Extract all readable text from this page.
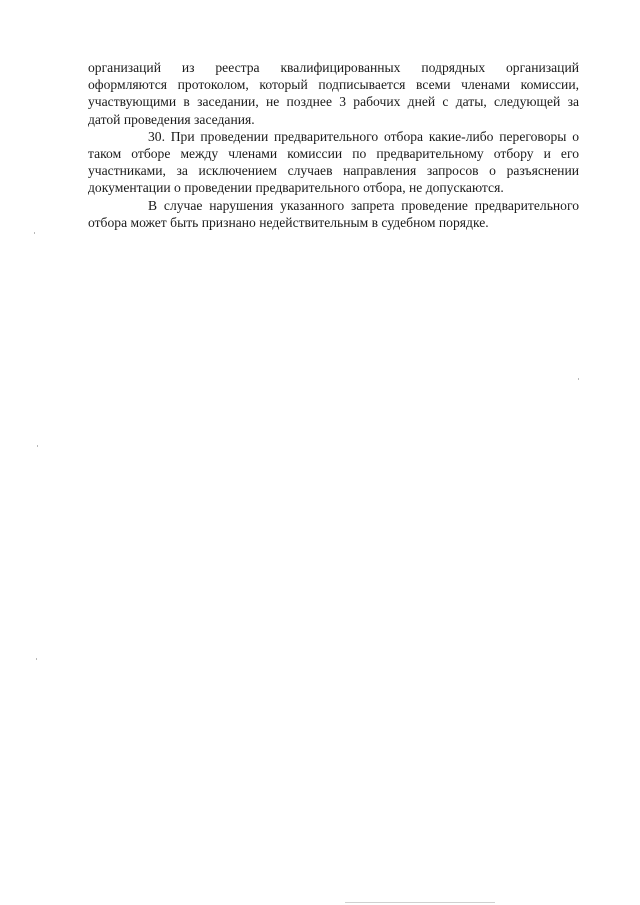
организаций из реестра квалифицированных подрядных организаций
оформляются протоколом, который подписывается всеми членами комиссии,
участвующими в заседании, не позднее 3 рабочих дней с даты, следующей за
датой проведения заседания.

30. При проведении предварительного отбора какие-либо переговоры о
таком отборе между членами комиссии по предварительному отбору и его
участниками, за исключением случаев направления запросов о разъяснении
документации о проведении предварительного отбора, не допускаются.

В случае нарушения указанного запрета проведение предварительного
отбора может быть признано недействительным в судебном порядке.
